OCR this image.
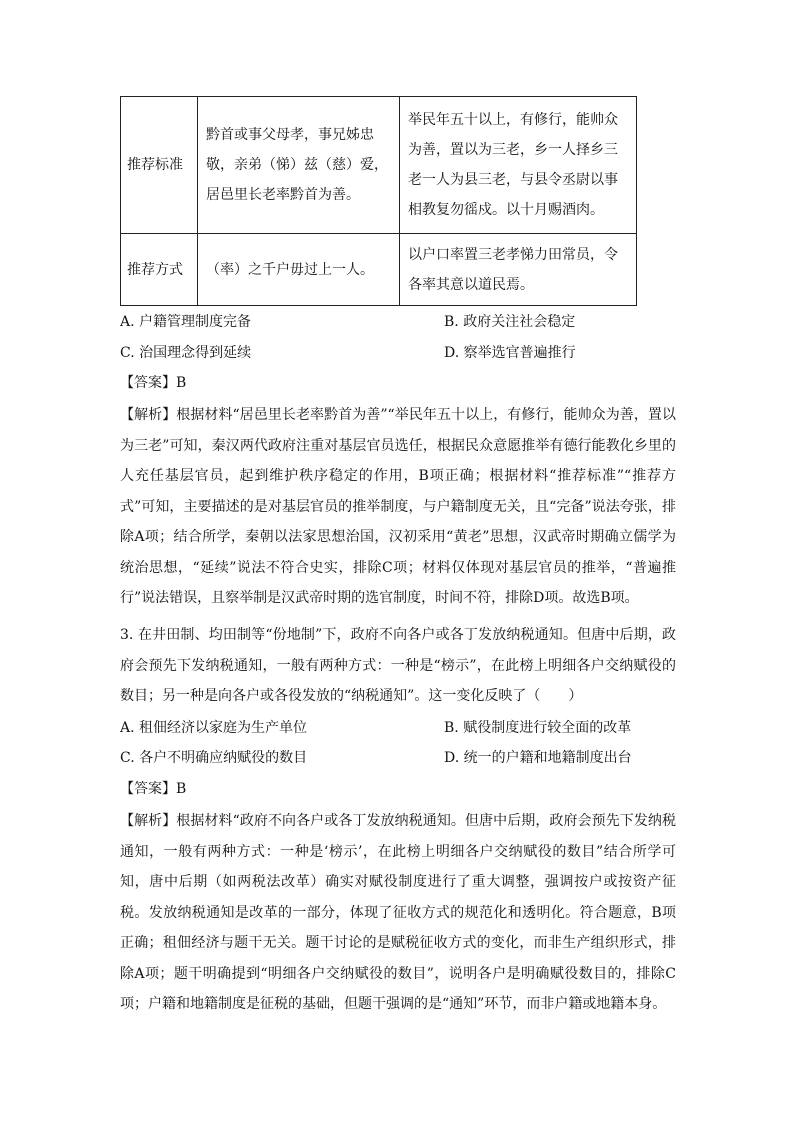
推荐标准	黔首或事父母孝，事兄姊忠敬，亲弟（悌）兹（慈）爱，居邑里长老率黔首为善。	举民年五十以上，有修行，能帅众为善，置以为三老，乡一人择乡三老一人为县三老，与县令丞尉以事相教复勿徭戍。以十月赐酒肉。
推荐方式	（率）之千户毋过上一人。	以户口率置三老孝悌力田常员，令各率其意以道民焉。
A. 户籍管理制度完备	B. 政府关注社会稳定
C. 治国理念得到延续	D. 察举选官普遍推行
【答案】B
【解析】根据材料“居邑里长老率黔首为善”“举民年五十以上，有修行，能帅众为善，置以为三老”可知，秦汉两代政府注重对基层官员选任，根据民众意愿推举有德行能教化乡里的人充任基层官员，起到维护秩序稳定的作用，B项正确；根据材料“推荐标准”“推荐方式”可知，主要描述的是对基层官员的推举制度，与户籍制度无关，且“完备”说法夸张，排除A项；结合所学，秦朝以法家思想治国，汉初采用“黄老”思想，汉武帝时期确立儒学为统治思想，“延续”说法不符合史实，排除C项；材料仅体现对基层官员的推举，“普遍推行”说法错误，且察举制是汉武帝时期的选官制度，时间不符，排除D项。故选B项。
3. 在井田制、均田制等“份地制”下，政府不向各户或各丁发放纳税通知。但唐中后期，政府会预先下发纳税通知，一般有两种方式：一种是“榜示”，在此榜上明细各户交纳赋役的数目；另一种是向各户或各役发放的“纳税通知”。这一变化反映了（　　）
A. 租佃经济以家庭为生产单位	B. 赋役制度进行较全面的改革
C. 各户不明确应纳赋役的数目	D. 统一的户籍和地籍制度出台
【答案】B
【解析】根据材料“政府不向各户或各丁发放纳税通知。但唐中后期，政府会预先下发纳税通知，一般有两种方式：一种是‘榜示’，在此榜上明细各户交纳赋役的数目”结合所学可知，唐中后期（如两税法改革）确实对赋役制度进行了重大调整，强调按户或按资产征税。发放纳税通知是改革的一部分，体现了征收方式的规范化和透明化。符合题意，B项正确；租佃经济与题干无关。题干讨论的是赋税征收方式的变化，而非生产组织形式，排除A项；题干明确提到“明细各户交纳赋役的数目”，说明各户是明确赋役数目的，排除C项；户籍和地籍制度是征税的基础，但题干强调的是“通知”环节，而非户籍或地籍本身。
